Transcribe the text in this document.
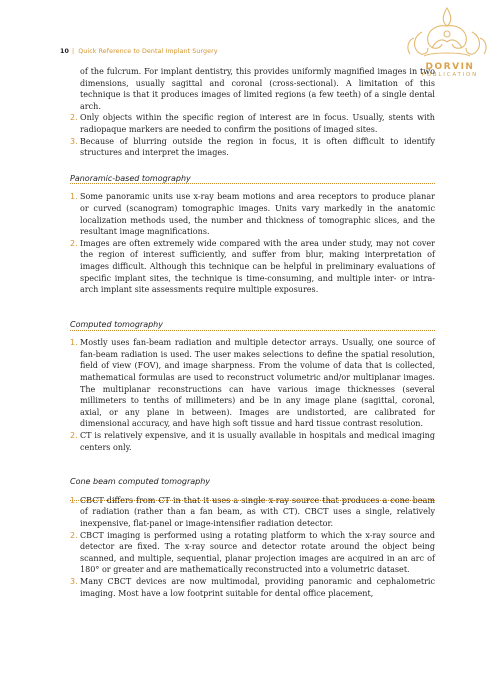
DORVIN
PUBLICATION
10 | Quick Reference to Dental Implant Surgery

of the fulcrum. For implant dentistry, this provides uniformly magnified images in two dimensions, usually sagittal and coronal (cross-sectional). A limitation of this technique is that it produces images of limited regions (a few teeth) of a single dental arch.

2. Only objects within the specific region of interest are in focus. Usually, stents with radiopaque markers are needed to confirm the positions of imaged sites.
3. Because of blurring outside the region in focus, it is often difficult to identify structures and interpret the images.
Panoramic-based tomography
1. Some panoramic units use x-ray beam motions and area receptors to produce planar or curved (scanogram) tomographic images. Units vary markedly in the anatomic localization methods used, the number and thickness of tomographic slices, and the resultant image magnifications.
2. Images are often extremely wide compared with the area under study, may not cover the region of interest sufficiently, and suffer from blur, making interpretation of images difficult. Although this technique can be helpful in preliminary evaluations of specific implant sites, the technique is time-consuming, and multiple inter- or intra-arch implant site assessments require multiple exposures.
Computed tomography
1. Mostly uses fan-beam radiation and multiple detector arrays. Usually, one source of fan-beam radiation is used. The user makes selections to define the spatial resolution, field of view (FOV), and image sharpness. From the volume of data that is collected, mathematical formulas are used to reconstruct volumetric and/or multiplanar images. The multiplanar reconstructions can have various image thicknesses (several millimeters to tenths of millimeters) and be in any image plane (sagittal, coronal, axial, or any plane in between). Images are undistorted, are calibrated for dimensional accuracy, and have high soft tissue and hard tissue contrast resolution.
2. CT is relatively expensive, and it is usually available in hospitals and medical imaging centers only.
Cone beam computed tomography
1. CBCT differs from CT in that it uses a single x-ray source that produces a cone beam of radiation (rather than a fan beam, as with CT). CBCT uses a single, relatively inexpensive, flat-panel or image-intensifier radiation detector.
2. CBCT imaging is performed using a rotating platform to which the x-ray source and detector are fixed. The x-ray source and detector rotate around the object being scanned, and multiple, sequential, planar projection images are acquired in an arc of 180° or greater and are mathematically reconstructed into a volumetric dataset.
3. Many CBCT devices are now multimodal, providing panoramic and cephalometric imaging. Most have a low footprint suitable for dental office placement,
